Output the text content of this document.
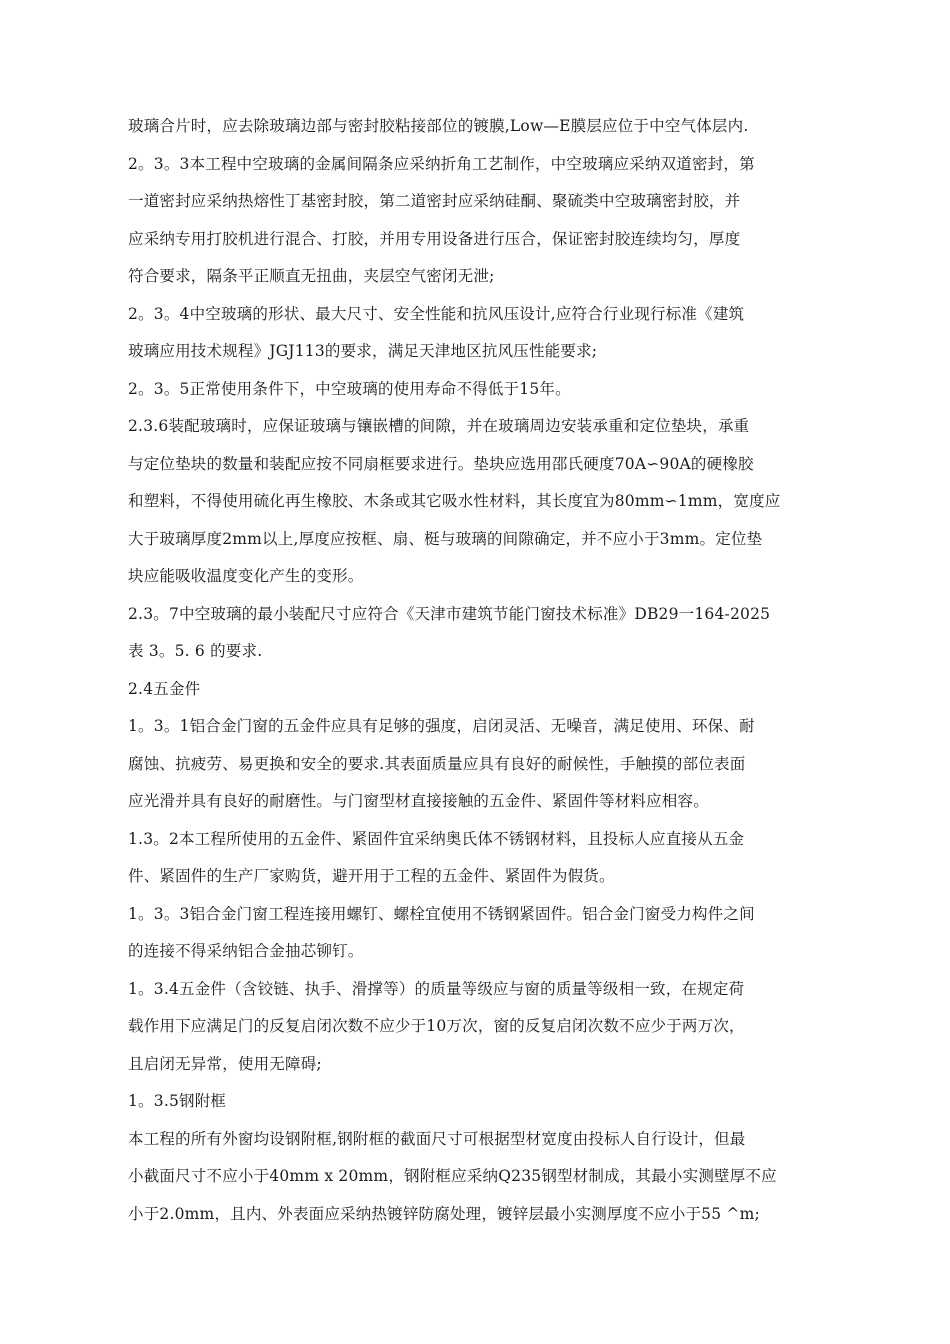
玻璃合片时，应去除玻璃边部与密封胶粘接部位的镀膜,Low—E膜层应位于中空气体层内.
2。3。3本工程中空玻璃的金属间隔条应采纳折角工艺制作，中空玻璃应采纳双道密封，第
一道密封应采纳热熔性丁基密封胶，第二道密封应采纳硅酮、聚硫类中空玻璃密封胶，并
应采纳专用打胶机进行混合、打胶，并用专用设备进行压合，保证密封胶连续均匀，厚度
符合要求，隔条平正顺直无扭曲，夹层空气密闭无泄;
2。3。4中空玻璃的形状、最大尺寸、安全性能和抗风压设计,应符合行业现行标准《建筑
玻璃应用技术规程》JGJ113的要求，满足天津地区抗风压性能要求;
2。3。5正常使用条件下，中空玻璃的使用寿命不得低于15年。
2.3.6装配玻璃时，应保证玻璃与镶嵌槽的间隙，并在玻璃周边安装承重和定位垫块，承重
与定位垫块的数量和装配应按不同扇框要求进行。垫块应选用邵氏硬度70A∽90A的硬橡胶
和塑料，不得使用硫化再生橡胶、木条或其它吸水性材料，其长度宜为80mm∽1mm，宽度应
大于玻璃厚度2mm以上,厚度应按框、扇、梃与玻璃的间隙确定，并不应小于3mm。定位垫
块应能吸收温度变化产生的变形。
2.3。7中空玻璃的最小装配尺寸应符合《天津市建筑节能门窗技术标准》DB29一164-2025
表 3。5. 6 的要求.
2.4五金件
1。3。1铝合金门窗的五金件应具有足够的强度，启闭灵活、无噪音，满足使用、环保、耐
腐蚀、抗疲劳、易更换和安全的要求.其表面质量应具有良好的耐候性，手触摸的部位表面
应光滑并具有良好的耐磨性。与门窗型材直接接触的五金件、紧固件等材料应相容。
1.3。2本工程所使用的五金件、紧固件宜采纳奥氏体不锈钢材料，且投标人应直接从五金
件、紧固件的生产厂家购货，避开用于工程的五金件、紧固件为假货。
1。3。3铝合金门窗工程连接用螺钉、螺栓宜使用不锈钢紧固件。铝合金门窗受力构件之间
的连接不得采纳铝合金抽芯铆钉。
1。3.4五金件（含铰链、执手、滑撑等）的质量等级应与窗的质量等级相一致，在规定荷
载作用下应满足门的反复启闭次数不应少于10万次，窗的反复启闭次数不应少于两万次，
且启闭无异常，使用无障碍;
1。3.5钢附框
本工程的所有外窗均设钢附框,钢附框的截面尺寸可根据型材宽度由投标人自行设计，但最
小截面尺寸不应小于40mm x 20mm，钢附框应采纳Q235钢型材制成，其最小实测壁厚不应
小于2.0mm，且内、外表面应采纳热镀锌防腐处理，镀锌层最小实测厚度不应小于55 ^m;
